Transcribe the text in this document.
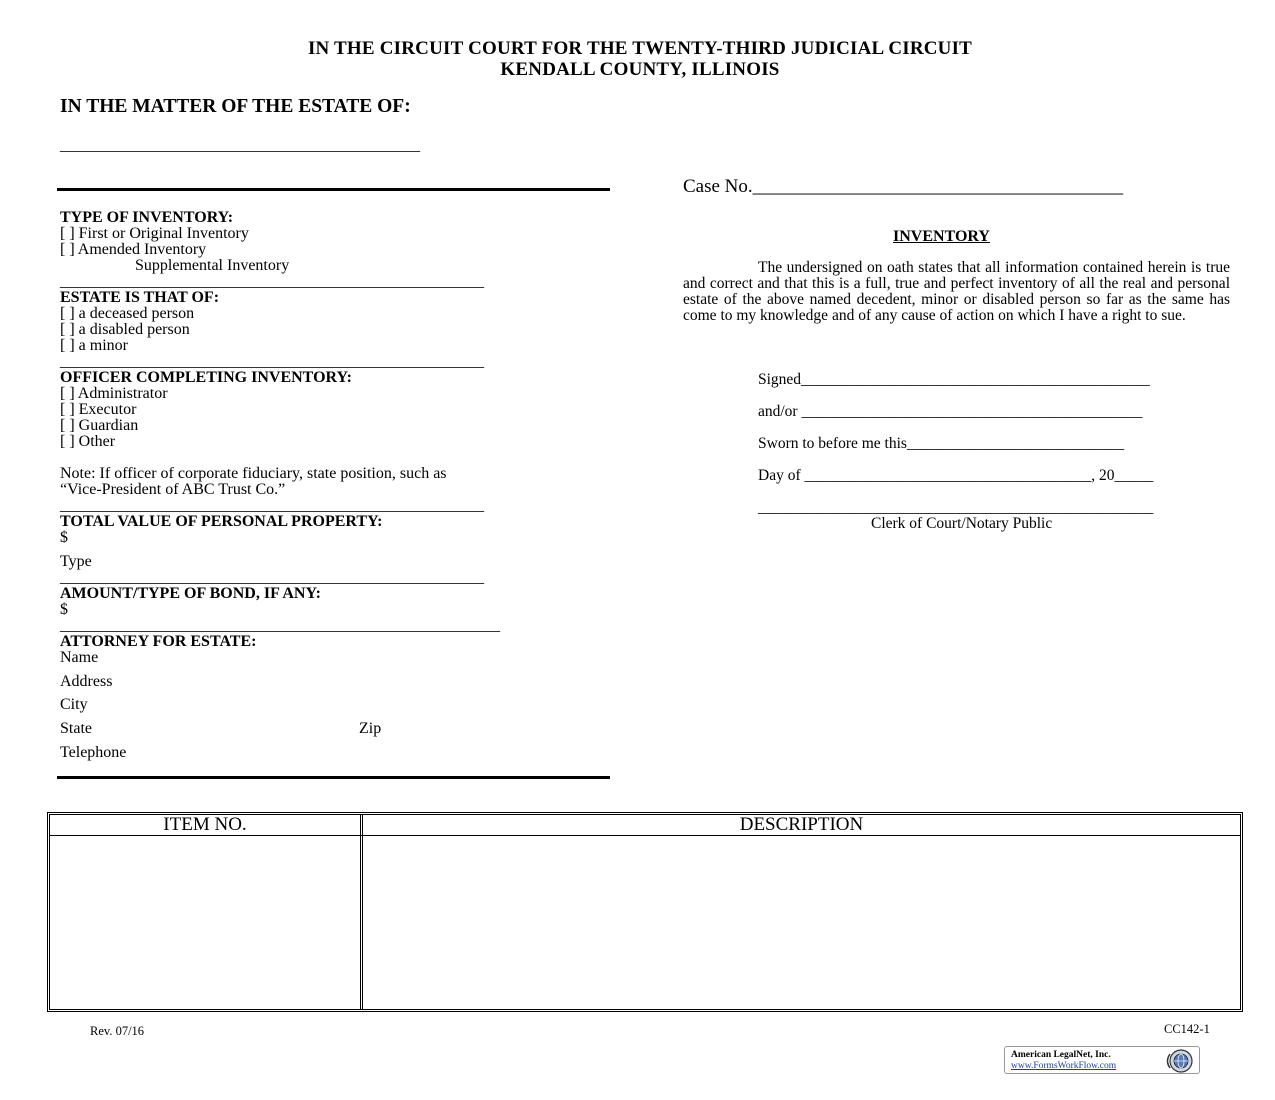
IN THE CIRCUIT COURT FOR THE TWENTY-THIRD JUDICIAL CIRCUIT
KENDALL COUNTY, ILLINOIS
IN THE MATTER OF THE ESTATE OF:
_____________________________________________
Case No._______________________________________
TYPE OF INVENTORY:
[ ] First or Original Inventory
[ ] Amended Inventory
Supplemental Inventory
_____________________________________________________
ESTATE IS THAT OF:
[ ] a deceased person
[ ] a disabled person
[ ] a minor
_____________________________________________________
OFFICER COMPLETING INVENTORY:
[ ] Administrator
[ ] Executor
[ ] Guardian
[ ] Other
Note: If officer of corporate fiduciary, state position, such as
“Vice-President of ABC Trust Co.”
_____________________________________________________
TOTAL VALUE OF PERSONAL PROPERTY:
$
Type
_____________________________________________________
AMOUNT/TYPE OF BOND, IF ANY:
$
_______________________________________________________
ATTORNEY FOR ESTATE:
Name
Address
City
State	Zip
Telephone
INVENTORY
The undersigned on oath states that all information contained herein is true and correct and that this is a full, true and perfect inventory of all the real and personal estate of the above named decedent, minor or disabled person so far as the same has come to my knowledge and of any cause of action on which I have a right to sue.
Signed_____________________________________________
and/or ____________________________________________
Sworn to before me this____________________________
Day of _____________________________________, 20_____
___________________________________________________
Clerk of Court/Notary Public
ITEM NO.	DESCRIPTION
Rev. 07/16	CC142-1
American LegalNet, Inc.
www.FormsWorkFlow.com
